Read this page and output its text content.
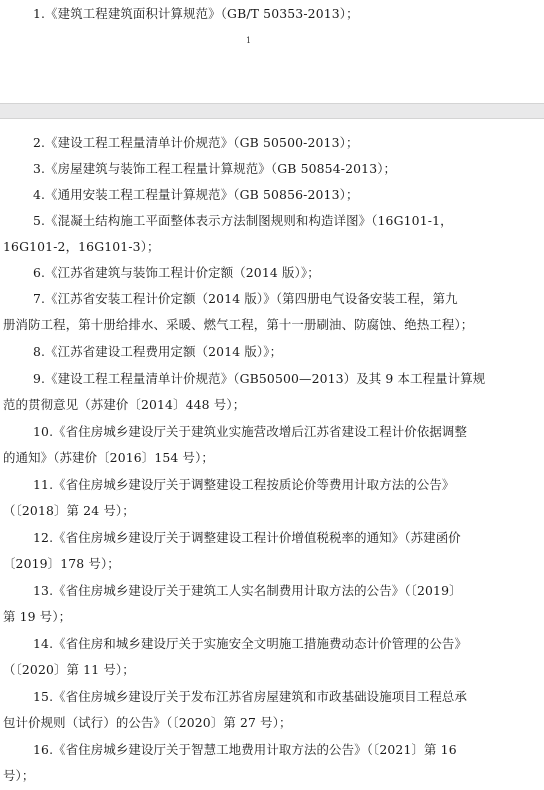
1.《建筑工程建筑面积计算规范》（GB/T 50353-2013）；
1
2.《建设工程工程量清单计价规范》（GB 50500-2013）；
3.《房屋建筑与装饰工程工程量计算规范》（GB 50854-2013）；
4.《通用安装工程工程量计算规范》（GB 50856-2013）；
5.《混凝土结构施工平面整体表示方法制图规则和构造详图》（16G101-1，
16G101-2，16G101-3）；
6.《江苏省建筑与装饰工程计价定额（2014 版）》；
7.《江苏省安装工程计价定额（2014 版）》（第四册电气设备安装工程，第九
册消防工程，第十册给排水、采暖、燃气工程，第十一册刷油、防腐蚀、绝热工程）；
8.《江苏省建设工程费用定额（2014 版）》；
9.《建设工程工程量清单计价规范》（GB50500—2013）及其 9 本工程量计算规
范的贯彻意见（苏建价〔2014〕448 号）；
10.《省住房城乡建设厅关于建筑业实施营改增后江苏省建设工程计价依据调整
的通知》（苏建价〔2016〕154 号）；
11.《省住房城乡建设厅关于调整建设工程按质论价等费用计取方法的公告》
（〔2018〕第 24 号）；
12.《省住房城乡建设厅关于调整建设工程计价增值税税率的通知》（苏建函价
〔2019〕178 号）；
13.《省住房城乡建设厅关于建筑工人实名制费用计取方法的公告》（〔2019〕
第 19 号）；
14.《省住房和城乡建设厅关于实施安全文明施工措施费动态计价管理的公告》
（〔2020〕第 11 号）；
15.《省住房城乡建设厅关于发布江苏省房屋建筑和市政基础设施项目工程总承
包计价规则（试行）的公告》（〔2020〕第 27 号）；
16.《省住房城乡建设厅关于智慧工地费用计取方法的公告》（〔2021〕第 16
号）；
